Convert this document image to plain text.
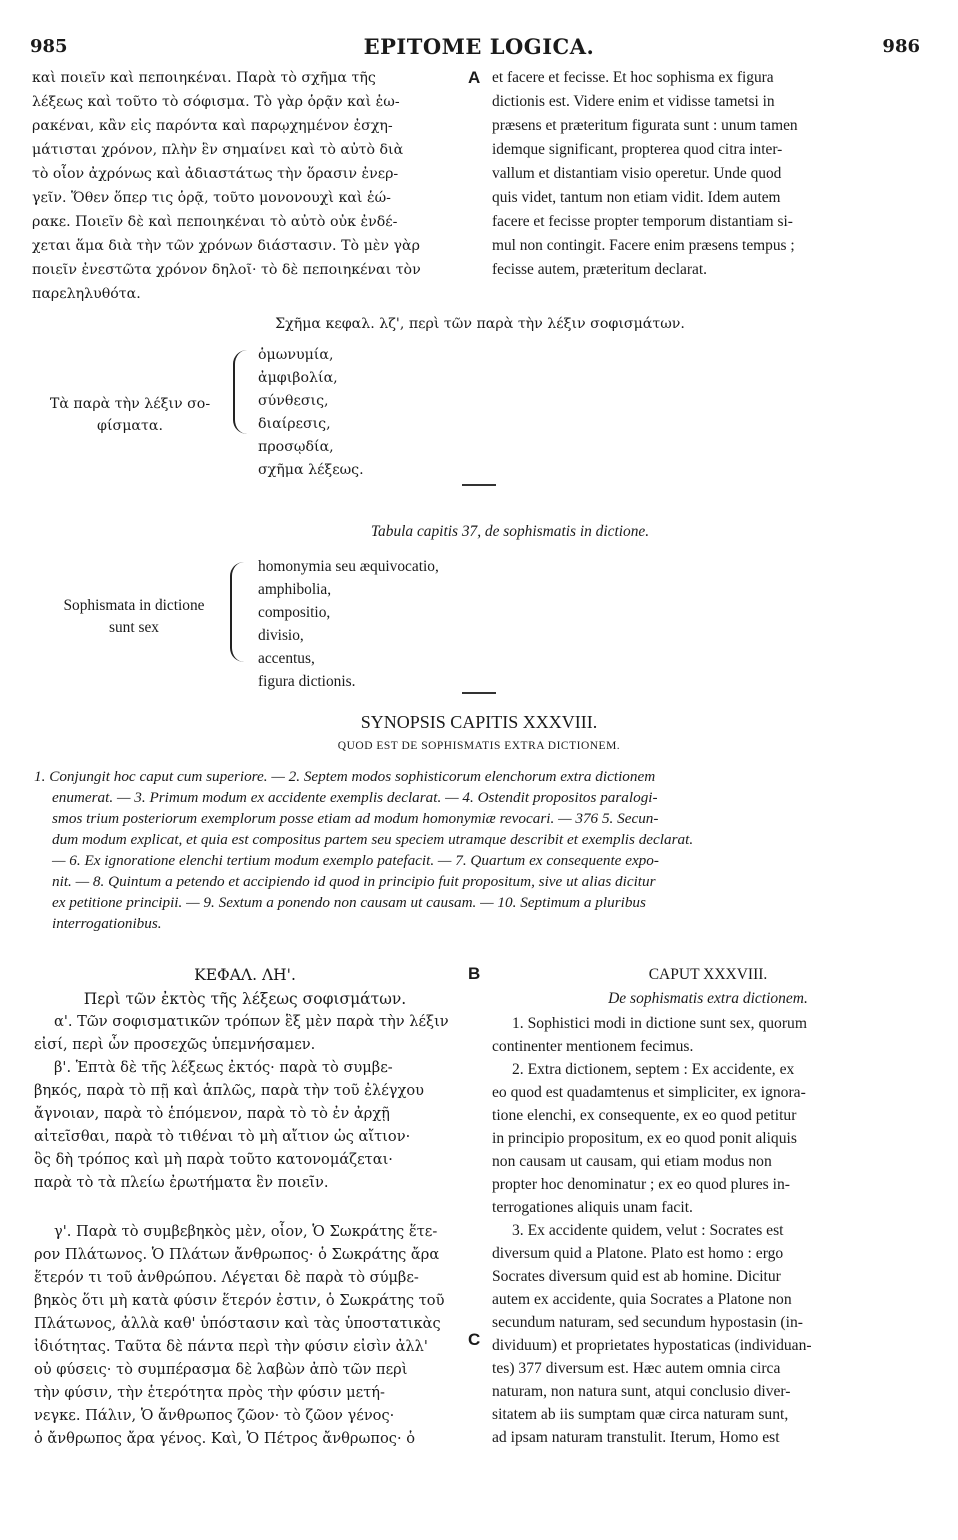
985	EPITOME LOGICA.	986
καὶ ποιεῖν καὶ πεποιηκέναι. Παρὰ τὸ σχῆμα τῆς
λέξεως καὶ τοῦτο τὸ σόφισμα. Τὸ γὰρ ὁρᾷν καὶ ἑω-
ρακέναι, κἂν εἰς παρόντα καὶ παρῳχημένον ἐσχη-
μάτισται χρόνον, πλὴν ἓν σημαίνει καὶ τὸ αὐτὸ διὰ
τὸ οἷον ἀχρόνως καὶ ἀδιαστάτως τὴν ὅρασιν ἐνερ-
γεῖν. Ὅθεν ὅπερ τις ὁρᾷ, τοῦτο μονονουχὶ καὶ ἑώ-
ρακε. Ποιεῖν δὲ καὶ πεποιηκέναι τὸ αὐτὸ οὐκ ἐνδέ-
χεται ἅμα διὰ τὴν τῶν χρόνων διάστασιν. Τὸ μὲν γὰρ
ποιεῖν ἐνεστῶτα χρόνον δηλοῖ· τὸ δὲ πεποιηκέναι τὸν
παρεληλυθότα.
A et facere et fecisse. Et hoc sophisma ex figura
dictionis est. Videre enim et vidisse tametsi in
præsens et præteritum figurata sunt : unum tamen
idemque significant, propterea quod citra inter-
vallum et distantiam visio operetur. Unde quod
quis videt, tantum non etiam vidit. Idem autem
facere et fecisse propter temporum distantiam si-
mul non contingit. Facere enim præsens tempus ;
fecisse autem, præteritum declarat.
Σχῆμα κεφαλ. λζ', περὶ τῶν παρὰ τὴν λέξιν σοφισμάτων.
Τὰ παρὰ τὴν λέξιν σο-
φίσματα.
ὁμωνυμία,
ἀμφιβολία,
σύνθεσις,
διαίρεσις,
προσῳδία,
σχῆμα λέξεως.
Tabula capitis 37, de sophismatis in dictione.
Sophismata in dictione
sunt sex
homonymia seu æquivocatio,
amphibolia,
compositio,
divisio,
accentus,
figura dictionis.
SYNOPSIS CAPITIS XXXVIII.
QUOD EST DE SOPHISMATIS EXTRA DICTIONEM.
1. Conjungit hoc caput cum superiore. — 2. Septem modos sophisticorum elenchorum extra dictionem
enumerat. — 3. Primum modum ex accidente exemplis declarat. — 4. Ostendit propositos paralogi-
smos trium posteriorum exemplorum posse etiam ad modum homonymiæ revocari. — 376 5. Secun-
dum modum explicat, et quia est compositus partem seu speciem utramque describit et exemplis declarat.
— 6. Ex ignoratione elenchi tertium modum exemplo patefacit. — 7. Quartum ex consequente expo-
nit. — 8. Quintum a petendo et accipiendo id quod in principio fuit propositum, sive ut alias dicitur
ex petitione principii. — 9. Sextum a ponendo non causam ut causam. — 10. Septimum a pluribus
interrogationibus.
ΚΕΦΑΛ. ΛΗ'.
Περὶ τῶν ἐκτὸς τῆς λέξεως σοφισμάτων.
α'. Τῶν σοφισματικῶν τρόπων ἓξ μὲν παρὰ τὴν λέξιν
εἰσί, περὶ ὧν προσεχῶς ὑπεμνήσαμεν.
β'. Ἑπτὰ δὲ τῆς λέξεως ἐκτός· παρὰ τὸ συμβε-
βηκός, παρὰ τὸ πῇ καὶ ἁπλῶς, παρὰ τὴν τοῦ ἐλέγχου
ἄγνοιαν, παρὰ τὸ ἑπόμενον, παρὰ τὸ τὸ ἐν ἀρχῇ
αἰτεῖσθαι, παρὰ τὸ τιθέναι τὸ μὴ αἴτιον ὡς αἴτιον·
ὃς δὴ τρόπος καὶ μὴ παρὰ τοῦτο κατονομάζεται·
παρὰ τὸ τὰ πλείω ἐρωτήματα ἓν ποιεῖν.
γ'. Παρὰ τὸ συμβεβηκὸς μὲν, οἷον, Ὁ Σωκράτης ἕτε-
ρον Πλάτωνος. Ὁ Πλάτων ἄνθρωπος· ὁ Σωκράτης ἄρα
ἕτερόν τι τοῦ ἀνθρώπου. Λέγεται δὲ παρὰ τὸ σύμβε-
βηκὸς ὅτι μὴ κατὰ φύσιν ἕτερόν ἐστιν, ὁ Σωκράτης τοῦ
Πλάτωνος, ἀλλὰ καθ' ὑπόστασιν καὶ τὰς ὑποστατικὰς
ἰδιότητας. Ταῦτα δὲ πάντα περὶ τὴν φύσιν εἰσὶν ἀλλ'
οὐ φύσεις· τὸ συμπέρασμα δὲ λαβὼν ἀπὸ τῶν περὶ
τὴν φύσιν, τὴν ἑτερότητα πρὸς τὴν φύσιν μετή-
νεγκε. Πάλιν, Ὁ ἄνθρωπος ζῶον· τὸ ζῶον γένος·
ὁ ἄνθρωπος ἄρα γένος. Καὶ, Ὁ Πέτρος ἄνθρωπος· ὁ
B
C
CAPUT XXXVIII.
De sophismatis extra dictionem.
1. Sophistici modi in dictione sunt sex, quorum
continenter mentionem fecimus.
2. Extra dictionem, septem : Ex accidente, ex
eo quod est quadamtenus et simpliciter, ex ignora-
tione elenchi, ex consequente, ex eo quod petitur
in principio propositum, ex eo quod ponit aliquis
non causam ut causam, qui etiam modus non
propter hoc denominatur ; ex eo quod plures in-
terrogationes aliquis unam facit.
3. Ex accidente quidem, velut : Socrates est
diversum quid a Platone. Plato est homo : ergo
Socrates diversum quid est ab homine. Dicitur
autem ex accidente, quia Socrates a Platone non
secundum naturam, sed secundum hypostasin (in-
dividuum) et proprietates hypostaticas (individuan-
tes) 377 diversum est. Hæc autem omnia circa
naturam, non natura sunt, atqui conclusio diver-
sitatem ab iis sumptam quæ circa naturam sunt,
ad ipsam naturam transtulit. Iterum, Homo est
